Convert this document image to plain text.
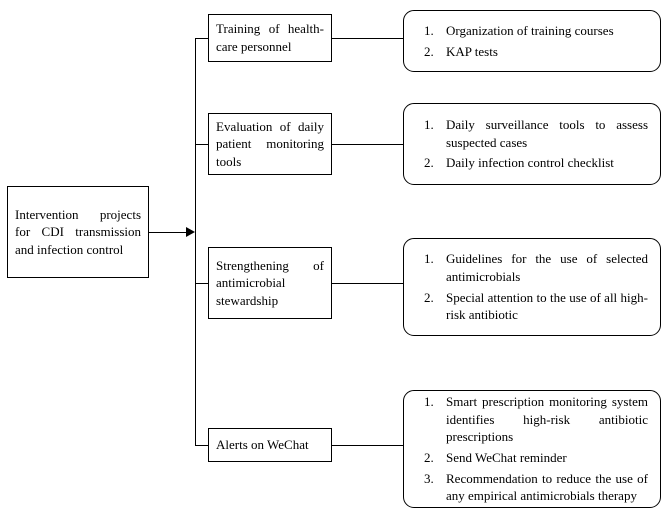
Intervention projects for CDI transmission and infection control
Training of health-care personnel
Evaluation of daily patient monitoring tools
Strengthening of antimicrobial stewardship
Alerts on WeChat
1. Organization of training courses
2. KAP tests
1. Daily surveillance tools to assess suspected cases
2. Daily infection control checklist
1. Guidelines for the use of selected antimicrobials
2. Special attention to the use of all high-risk antibiotic
1. Smart prescription monitoring system identifies high-risk antibiotic prescriptions
2. Send WeChat reminder
3. Recommendation to reduce the use of any empirical antimicrobials therapy
